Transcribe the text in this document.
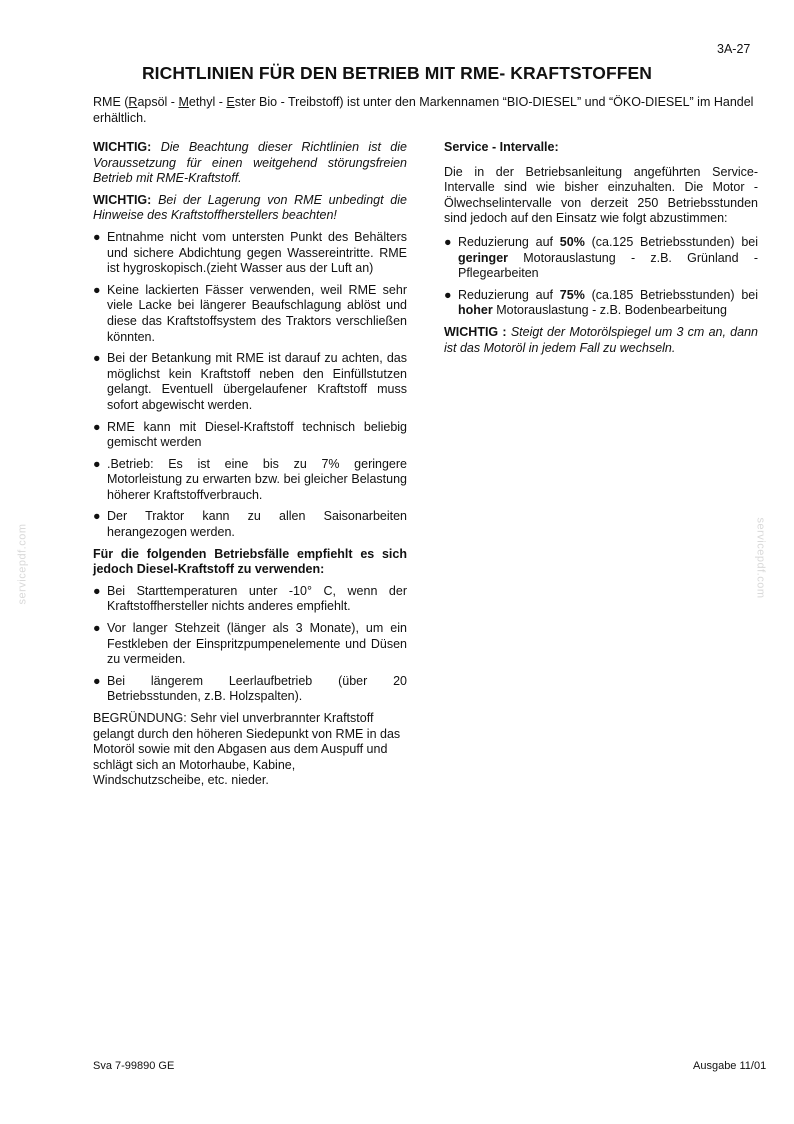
3A-27
RICHTLINIEN FÜR DEN BETRIEB MIT RME- KRAFTSTOFFEN
RME (Rapsöl - Methyl - Ester Bio - Treibstoff) ist unter den Markennamen “BIO-DIESEL” und “ÖKO-DIESEL” im Handel erhältlich.

WICHTIG: Die Beachtung dieser Richtlinien ist die Voraussetzung für einen weitgehend störungsfreien Betrieb mit RME-Kraftstoff.

WICHTIG: Bei der Lagerung von RME unbedingt die Hinweise des Kraftstoffherstellers beachten!

● Entnahme nicht vom untersten Punkt des Behälters und sichere Abdichtung gegen Wassereintritte. RME ist hygroskopisch.(zieht Wasser aus der Luft an)
● Keine lackierten Fässer verwenden, weil RME sehr viele Lacke bei längerer Beaufschlagung ablöst und diese das Kraftstoffsystem des Traktors verschließen könnten.
● Bei der Betankung mit RME ist darauf zu achten, das möglichst kein Kraftstoff neben den Einfüllstutzen gelangt. Eventuell übergelaufener Kraftstoff muss sofort abgewischt werden.
● RME kann mit Diesel-Kraftstoff technisch beliebig gemischt werden
● .Betrieb: Es ist eine bis zu 7% geringere Motorleistung zu erwarten bzw. bei gleicher Belastung höherer Kraftstoffverbrauch.
● Der Traktor kann zu allen Saisonarbeiten herangezogen werden.

Für die folgenden Betriebsfälle empfiehlt es sich jedoch Diesel-Kraftstoff zu verwenden:

● Bei Starttemperaturen unter -10° C, wenn der Kraftstoffhersteller nichts anderes empfiehlt.
● Vor langer Stehzeit (länger als 3 Monate), um ein Festkleben der Einspritzpumpenelemente und Düsen zu vermeiden.
● Bei längerem Leerlaufbetrieb (über 20 Betriebsstunden, z.B. Holzspalten).

BEGRÜNDUNG: Sehr viel unverbrannter Kraftstoff gelangt durch den höheren Siedepunkt von RME in das Motoröl sowie mit den Abgasen aus dem Auspuff und schlägt sich an Motorhaube, Kabine, Windschutzscheibe, etc. nieder.

Service - Intervalle:

Die in der Betriebsanleitung angeführten Service-Intervalle sind wie bisher einzuhalten. Die Motor - Ölwechselintervalle von derzeit 250 Betriebsstunden sind jedoch auf den Einsatz wie folgt abzustimmen:

● Reduzierung auf 50% (ca.125 Betriebsstunden) bei geringer Motorauslastung - z.B. Grünland - Pflegearbeiten
● Reduzierung auf 75% (ca.185 Betriebsstunden) bei hoher Motorauslastung - z.B. Bodenbearbeitung

WICHTIG : Steigt der Motorölspiegel um 3 cm an, dann ist das Motoröl in jedem Fall zu wechseln.

servicepdf.com	servicepdf.com
Sva 7-99890 GE	Ausgabe 11/01
